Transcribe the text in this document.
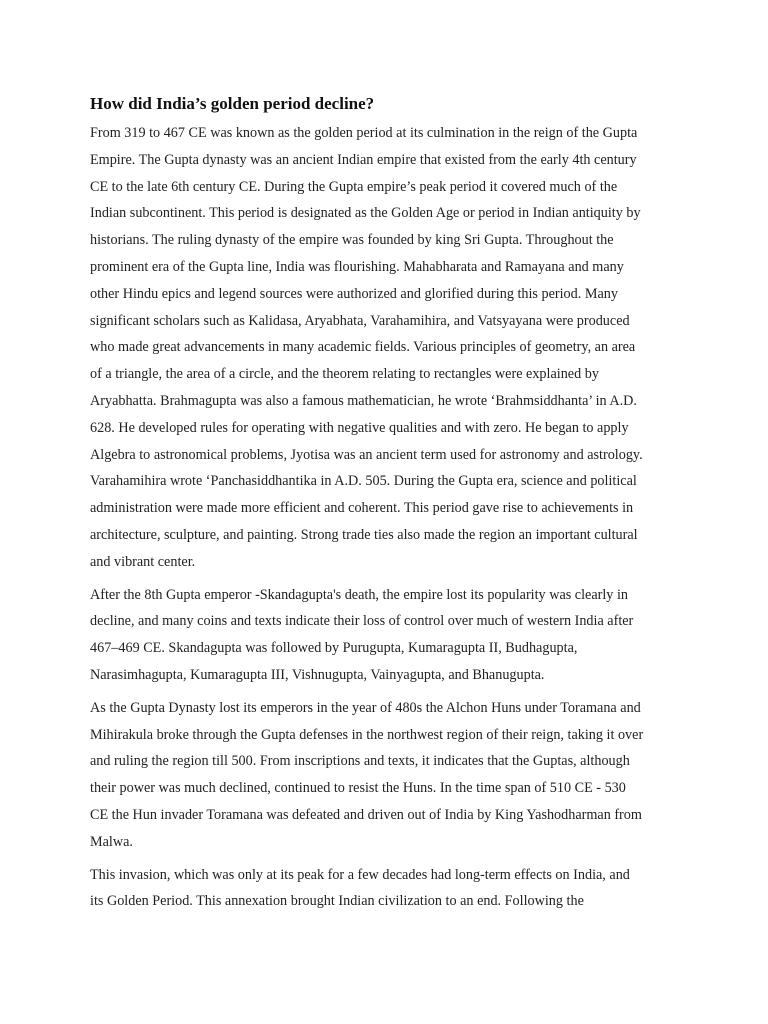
How did India’s golden period decline?

From 319 to 467 CE was known as the golden period at its culmination in the reign of the Gupta
Empire. The Gupta dynasty was an ancient Indian empire that existed from the early 4th century
CE to the late 6th century CE. During the Gupta empire’s peak period it covered much of the
Indian subcontinent. This period is designated as the Golden Age or period in Indian antiquity by
historians. The ruling dynasty of the empire was founded by king Sri Gupta. Throughout the
prominent era of the Gupta line, India was flourishing. Mahabharata and Ramayana and many
other Hindu epics and legend sources were authorized and glorified during this period. Many
significant scholars such as Kalidasa, Aryabhata, Varahamihira, and Vatsyayana were produced
who made great advancements in many academic fields. Various principles of geometry, an area
of a triangle, the area of a circle, and the theorem relating to rectangles were explained by
Aryabhatta. Brahmagupta was also a famous mathematician, he wrote ‘Brahmsiddhanta’ in A.D.
628. He developed rules for operating with negative qualities and with zero. He began to apply
Algebra to astronomical problems, Jyotisa was an ancient term used for astronomy and astrology.
Varahamihira wrote ‘Panchasiddhantika in A.D. 505. During the Gupta era, science and political
administration were made more efficient and coherent. This period gave rise to achievements in
architecture, sculpture, and painting. Strong trade ties also made the region an important cultural
and vibrant center.

After the 8th Gupta emperor -Skandagupta's death, the empire lost its popularity was clearly in
decline, and many coins and texts indicate their loss of control over much of western India after
467–469 CE. Skandagupta was followed by Purugupta, Kumaragupta II, Budhagupta,
Narasimhagupta, Kumaragupta III, Vishnugupta, Vainyagupta, and Bhanugupta.

As the Gupta Dynasty lost its emperors in the year of 480s the Alchon Huns under Toramana and
Mihirakula broke through the Gupta defenses in the northwest region of their reign, taking it over
and ruling the region till 500. From inscriptions and texts, it indicates that the Guptas, although
their power was much declined, continued to resist the Huns. In the time span of 510 CE - 530
CE the Hun invader Toramana was defeated and driven out of India by King Yashodharman from
Malwa.

This invasion, which was only at its peak for a few decades had long-term effects on India, and
its Golden Period. This annexation brought Indian civilization to an end. Following the
